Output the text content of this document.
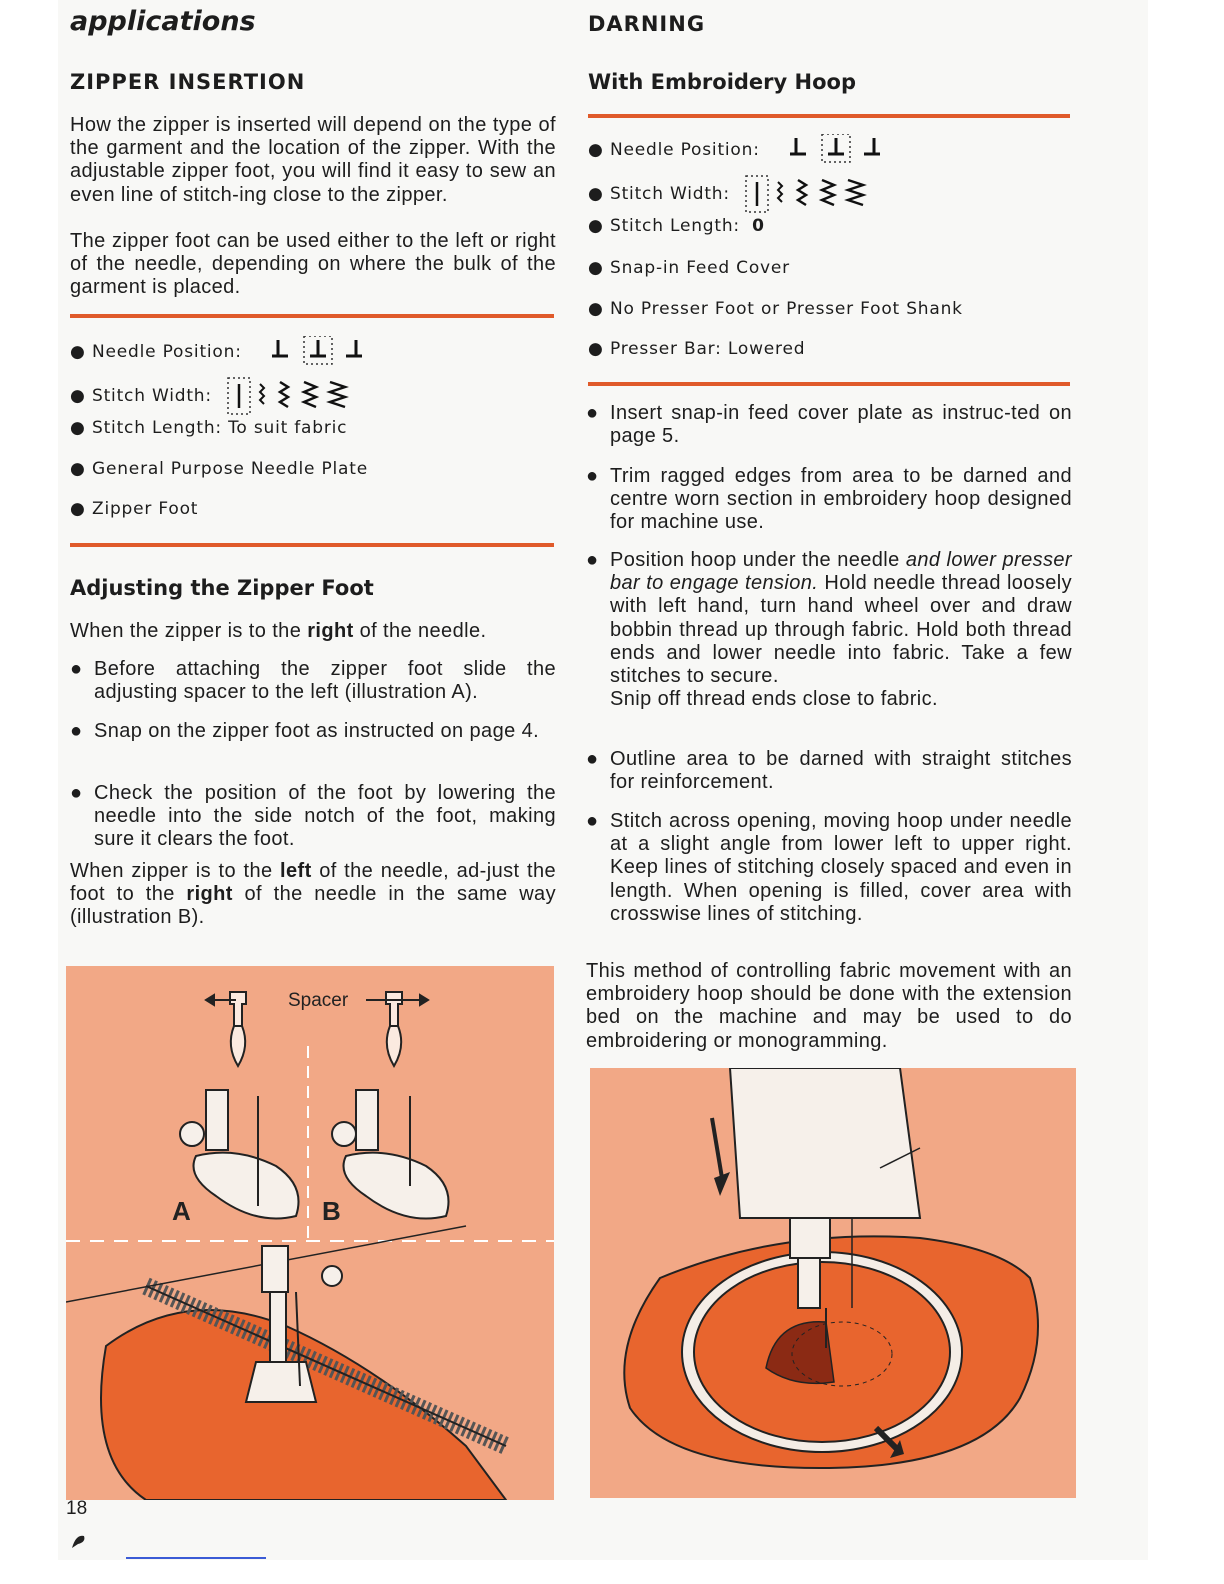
applications
ZIPPER INSERTION
How the zipper is inserted will depend on the type of the garment and the location of the zipper. With the adjustable zipper foot, you will find it easy to sew an even line of stitch-ing close to the zipper.
The zipper foot can be used either to the left or right of the needle, depending on where the bulk of the garment is placed.
● Needle Position:
● Stitch Width:
● Stitch Length: To suit fabric
● General Purpose Needle Plate
● Zipper Foot
Adjusting the Zipper Foot
When the zipper is to the right of the needle.
● Before attaching the zipper foot slide the adjusting spacer to the left (illustration A).
● Snap on the zipper foot as instructed on page 4.
● Check the position of the foot by lowering the needle into the side notch of the foot, making sure it clears the foot.
When zipper is to the left of the needle, ad-just the foot to the right of the needle in the same way (illustration B).
Spacer
A	B
18
DARNING
With Embroidery Hoop
● Needle Position:
● Stitch Width:
● Stitch Length: 0
● Snap-in Feed Cover
● No Presser Foot or Presser Foot Shank
● Presser Bar: Lowered
● Insert snap-in feed cover plate as instruc-ted on page 5.
● Trim ragged edges from area to be darned and centre worn section in embroidery hoop designed for machine use.
● Position hoop under the needle and lower presser bar to engage tension. Hold needle thread loosely with left hand, turn hand wheel over and draw bobbin thread up through fabric. Hold both thread ends and lower needle into fabric. Take a few stitches to secure.
Snip off thread ends close to fabric.
● Outline area to be darned with straight stitches for reinforcement.
● Stitch across opening, moving hoop under needle at a slight angle from lower left to upper right. Keep lines of stitching closely spaced and even in length. When opening is filled, cover area with crosswise lines of stitching.
This method of controlling fabric movement with an embroidery hoop should be done with the extension bed on the machine and may be used to do embroidering or monogramming.
